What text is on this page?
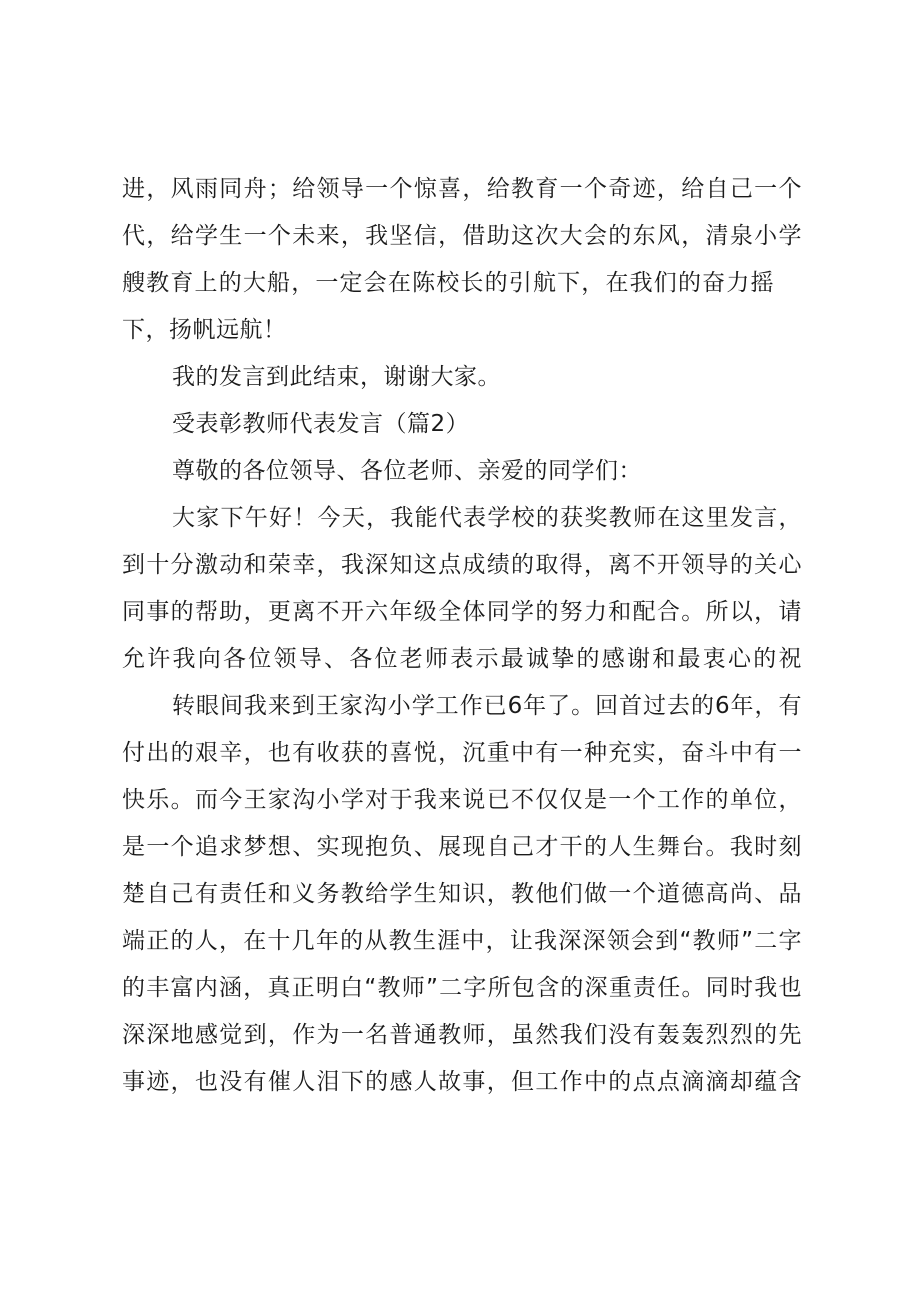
进，风雨同舟；给领导一个惊喜，给教育一个奇迹，给自己一个
代，给学生一个未来，我坚信，借助这次大会的东风，清泉小学
艘教育上的大船，一定会在陈校长的引航下，在我们的奋力摇
下，扬帆远航！
我的发言到此结束，谢谢大家。
受表彰教师代表发言（篇2）
尊敬的各位领导、各位老师、亲爱的同学们：
大家下午好！今天，我能代表学校的获奖教师在这里发言，
到十分激动和荣幸，我深知这点成绩的取得，离不开领导的关心
同事的帮助，更离不开六年级全体同学的努力和配合。所以，请
允许我向各位领导、各位老师表示最诚挚的感谢和最衷心的祝
转眼间我来到王家沟小学工作已6年了。回首过去的6年，有
付出的艰辛，也有收获的喜悦，沉重中有一种充实，奋斗中有一
快乐。而今王家沟小学对于我来说已不仅仅是一个工作的单位，
是一个追求梦想、实现抱负、展现自己才干的人生舞台。我时刻
楚自己有责任和义务教给学生知识，教他们做一个道德高尚、品
端正的人，在十几年的从教生涯中，让我深深领会到“教师”二字
的丰富内涵，真正明白“教师”二字所包含的深重责任。同时我也
深深地感觉到，作为一名普通教师，虽然我们没有轰轰烈烈的先
事迹，也没有催人泪下的感人故事，但工作中的点点滴滴却蕴含
